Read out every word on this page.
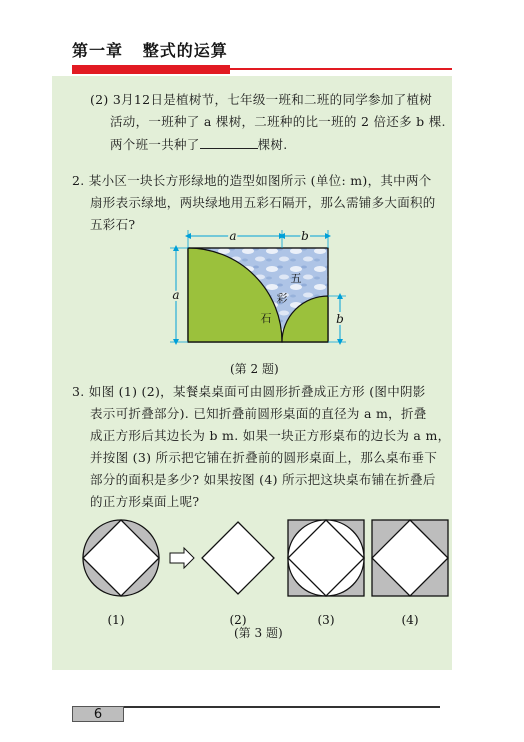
第一章   整式的运算
(2) 3月12日是植树节，七年级一班和二班的同学参加了植树
活动，一班种了 a 棵树，二班种的比一班的 2 倍还多 b 棵.
两个班一共种了	棵树.
2. 某小区一块长方形绿地的造型如图所示 (单位: m)，其中两个
扇形表示绿地，两块绿地用五彩石隔开，那么需铺多大面积的
五彩石?
a	b
a
b
五
彩
石
(第 2 题)
3. 如图 (1) (2)，某餐桌桌面可由圆形折叠成正方形 (图中阴影
表示可折叠部分). 已知折叠前圆形桌面的直径为 a m，折叠
成正方形后其边长为 b m. 如果一块正方形桌布的边长为 a m，
并按图 (3) 所示把它铺在折叠前的圆形桌面上，那么桌布垂下
部分的面积是多少? 如果按图 (4) 所示把这块桌布铺在折叠后
的正方形桌面上呢?
(1)	(2)	(3)	(4)
(第 3 题)
6
